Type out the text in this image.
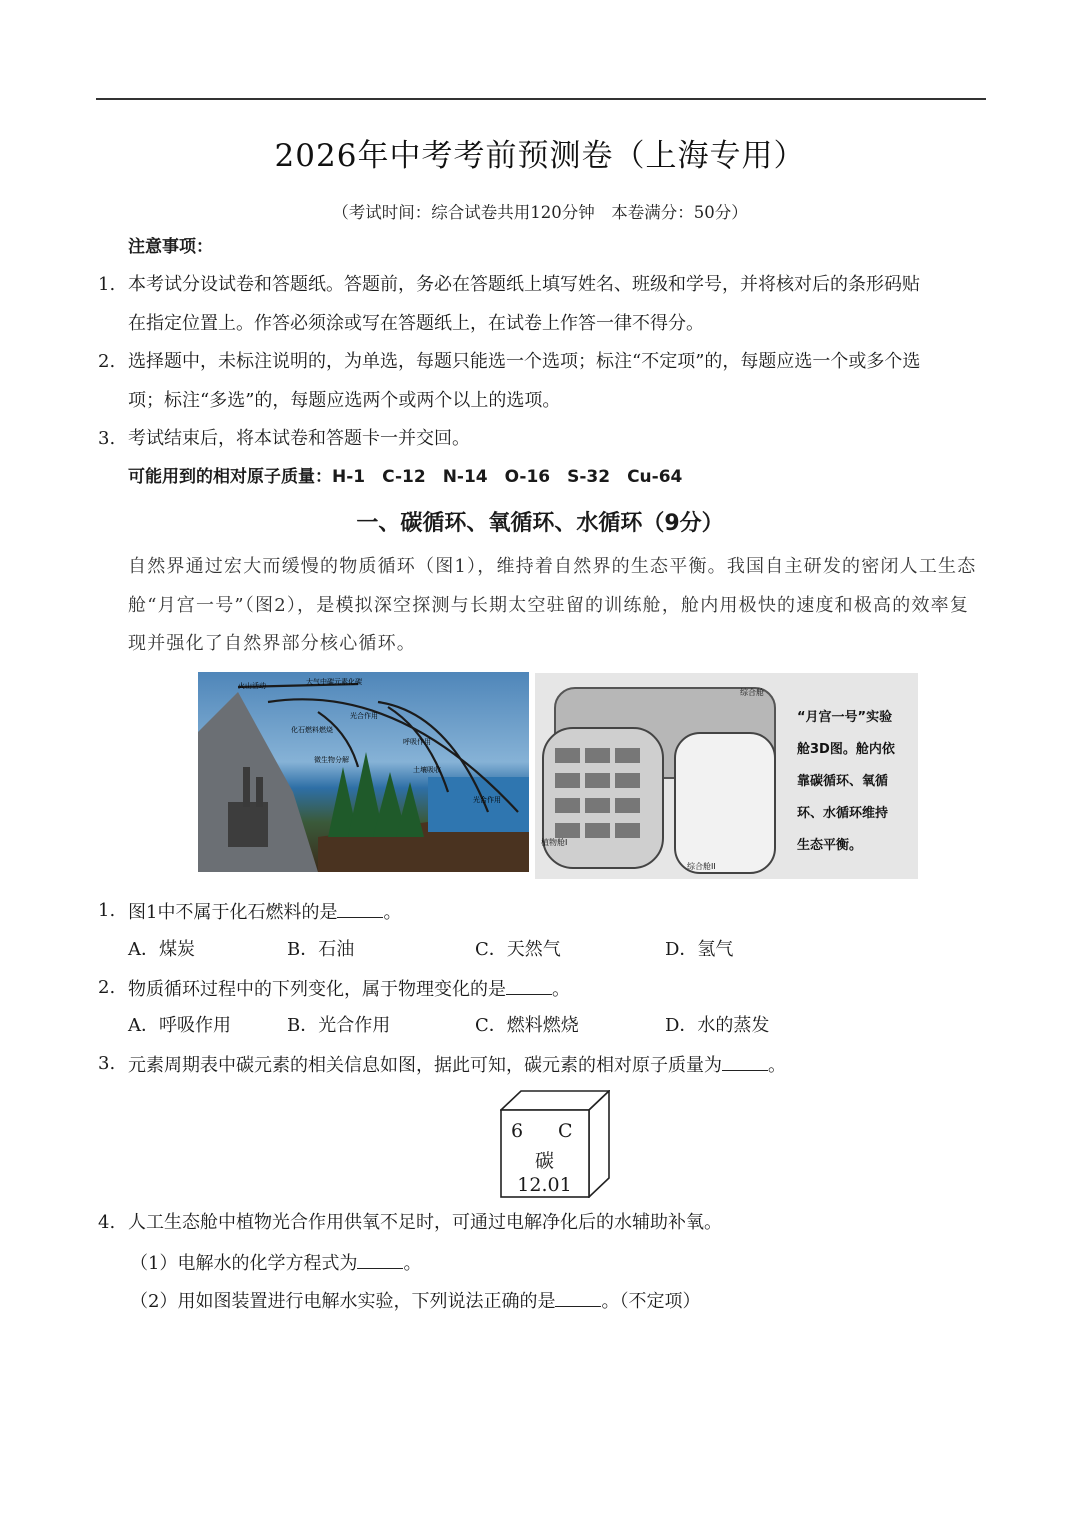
2026年中考考前预测卷（上海专用）
（考试时间：综合试卷共用120分钟　本卷满分：50分）
注意事项：
1. 本考试分设试卷和答题纸。答题前，务必在答题纸上填写姓名、班级和学号，并将核对后的条形码贴
在指定位置上。作答必须涂或写在答题纸上，在试卷上作答一律不得分。
2. 选择题中，未标注说明的，为单选，每题只能选一个选项；标注“不定项”的，每题应选一个或多个选
项；标注“多选”的，每题应选两个或两个以上的选项。
3. 考试结束后，将本试卷和答题卡一并交回。
可能用到的相对原子质量：H-1　C-12　N-14　O-16　S-32　Cu-64
一、碳循环、氧循环、水循环（9分）
自然界通过宏大而缓慢的物质循环（图1），维持着自然界的生态平衡。我国自主研发的密闭人工生态
舱“月宫一号”（图2），是模拟深空探测与长期太空驻留的训练舱，舱内用极快的速度和极高的效率复
现并强化了自然界部分核心循环。
火山活动	大气中碳元素化碳
化石燃料燃烧
光合作用
微生物分解
呼吸作用
土壤吸收
光合作用
综合舱
植物舱I
综合舱II
“月宫一号”实验
舱3D图。舱内依
靠碳循环、氧循
环、水循环维持
生态平衡。
1. 图1中不属于化石燃料的是	。
A．煤炭	B．石油	C．天然气	D．氢气
2. 物质循环过程中的下列变化，属于物理变化的是	。
A．呼吸作用	B．光合作用	C．燃料燃烧	D．水的蒸发
3. 元素周期表中碳元素的相关信息如图，据此可知，碳元素的相对原子质量为	。
6 C
碳
12.01
4. 人工生态舱中植物光合作用供氧不足时，可通过电解净化后的水辅助补氧。
（1）电解水的化学方程式为	。
（2）用如图装置进行电解水实验，下列说法正确的是	。（不定项）
